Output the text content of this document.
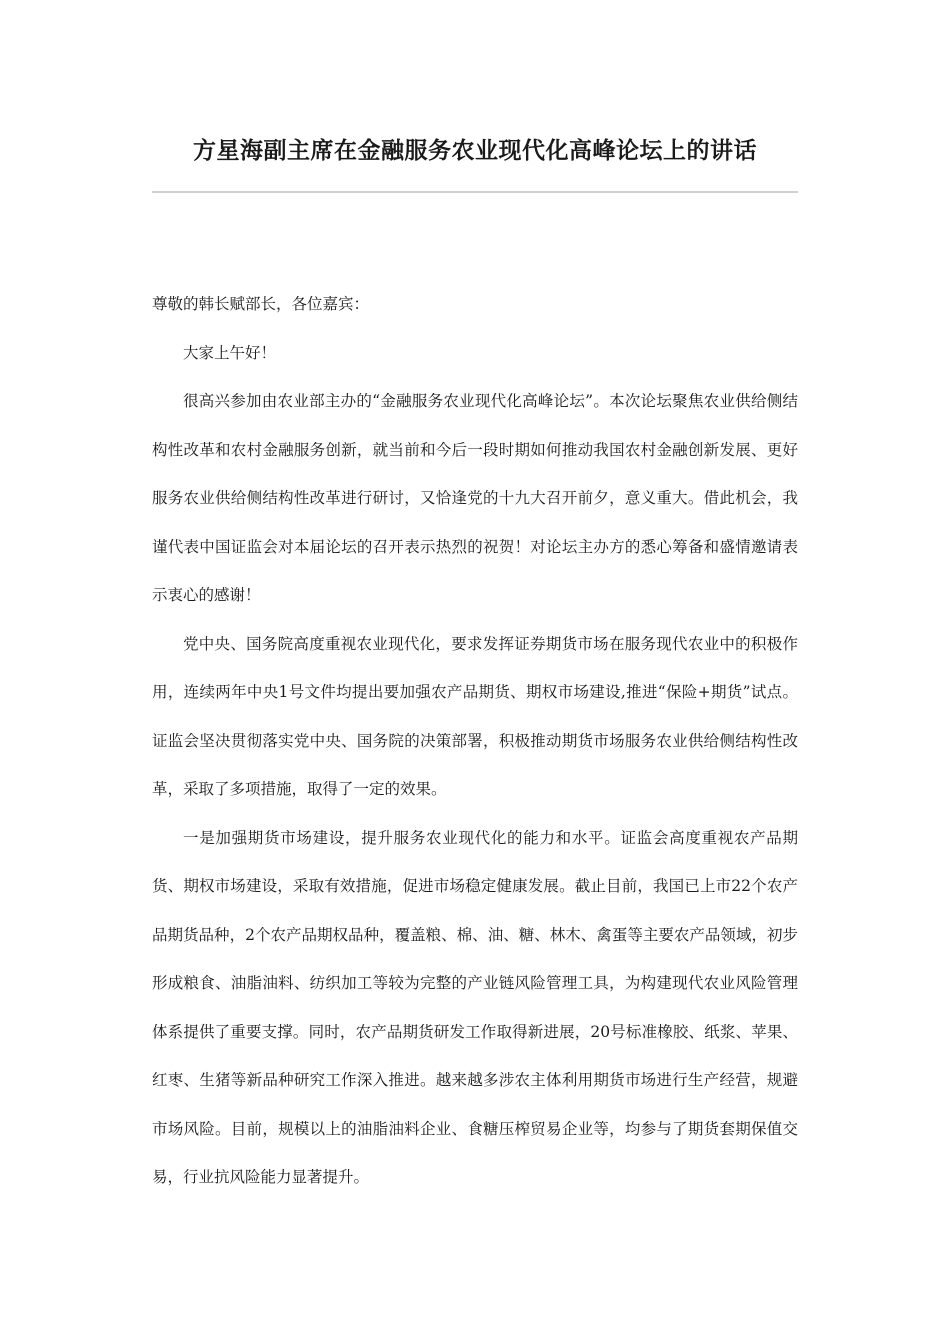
方星海副主席在金融服务农业现代化高峰论坛上的讲话

尊敬的韩长赋部长，各位嘉宾：

大家上午好！

很高兴参加由农业部主办的“金融服务农业现代化高峰论坛”。本次论坛聚焦农业供给侧结构性改革和农村金融服务创新，就当前和今后一段时期如何推动我国农村金融创新发展、更好服务农业供给侧结构性改革进行研讨，又恰逢党的十九大召开前夕，意义重大。借此机会，我谨代表中国证监会对本届论坛的召开表示热烈的祝贺！对论坛主办方的悉心筹备和盛情邀请表示衷心的感谢！

党中央、国务院高度重视农业现代化，要求发挥证券期货市场在服务现代农业中的积极作用，连续两年中央1号文件均提出要加强农产品期货、期权市场建设,推进“保险+期货”试点。证监会坚决贯彻落实党中央、国务院的决策部署，积极推动期货市场服务农业供给侧结构性改革，采取了多项措施，取得了一定的效果。

一是加强期货市场建设，提升服务农业现代化的能力和水平。证监会高度重视农产品期货、期权市场建设，采取有效措施，促进市场稳定健康发展。截止目前，我国已上市22个农产品期货品种，2个农产品期权品种，覆盖粮、棉、油、糖、林木、禽蛋等主要农产品领域，初步形成粮食、油脂油料、纺织加工等较为完整的产业链风险管理工具，为构建现代农业风险管理体系提供了重要支撑。同时，农产品期货研发工作取得新进展，20号标准橡胶、纸浆、苹果、红枣、生猪等新品种研究工作深入推进。越来越多涉农主体利用期货市场进行生产经营，规避市场风险。目前，规模以上的油脂油料企业、食糖压榨贸易企业等，均参与了期货套期保值交易，行业抗风险能力显著提升。
